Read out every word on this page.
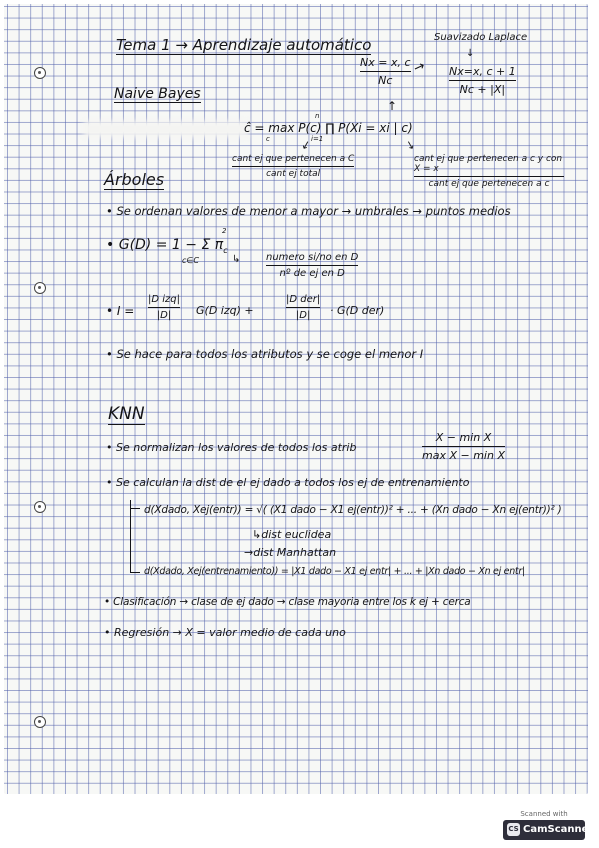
Tema 1 → Aprendizaje automático	Suavizado Laplace
↓
Nx = x, c
Nc
→ Nx=x, c + 1
Nc + |X|
Naive Bayes
↑
n
ĉ = max P(c) ∏ P(Xi = xi | c)
c	i=1
↓	↓
cant ej que pertenecen a C
cant ej total
cant ej que pertenecen a c y con X = x
cant ej que pertenecen a c
Árboles
• Se ordenan valores de menor a mayor → umbrales → puntos medios
2
• G(D) = 1 − Σ $\pi_c$
c∈C	↳	numero si/no en D
nº de ej en D
• I =
|D izq|
|D| G(D izq) +
|D der|
|D| · G(D der)
• Se hace para todos los atributos y se coge el menor I
KNN
• Se normalizan los valores de todos los atrib
X − min X
max X − min X
• Se calculan la dist de el ej dado a todos los ej de entrenamiento
d(Xdado, Xej(entr)) = √( (X1 dado − X1 ej(entr))² + ... + (Xn dado − Xn ej(entr))² )
↳dist euclidea
→dist Manhattan
d(Xdado, Xej(entrenamiento)) = |X1 dado − X1 ej entr| + ... + |Xn dado − Xn ej entr|
• Clasificación → clase de ej dado → clase mayoria entre los k ej + cerca
• Regresión → X = valor medio de cada uno
Scanned with
CS CamScanner
